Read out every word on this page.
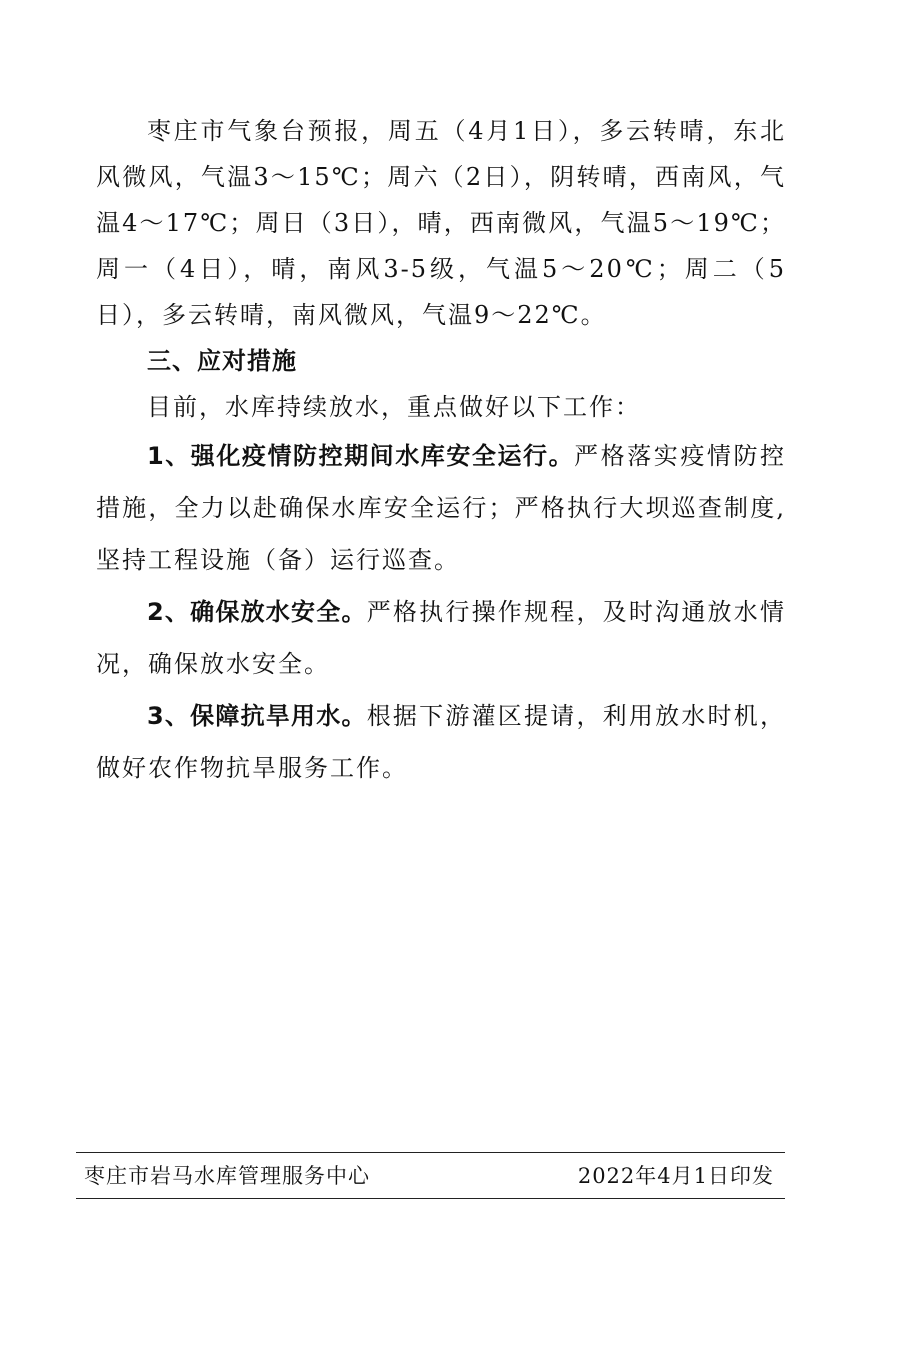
枣庄市气象台预报，周五（4月1日），多云转晴，东北风微风，气温3～15℃；周六（2日），阴转晴，西南风，气温4～17℃；周日（3日），晴，西南微风，气温5～19℃；周一（4日），晴，南风3-5级，气温5～20℃；周二（5日），多云转晴，南风微风，气温9～22℃。

三、应对措施

目前，水库持续放水，重点做好以下工作：

1、强化疫情防控期间水库安全运行。严格落实疫情防控措施，全力以赴确保水库安全运行；严格执行大坝巡查制度,坚持工程设施（备）运行巡查。

2、确保放水安全。严格执行操作规程，及时沟通放水情况，确保放水安全。

3、保障抗旱用水。根据下游灌区提请，利用放水时机，做好农作物抗旱服务工作。

枣庄市岩马水库管理服务中心	2022年4月1日印发
